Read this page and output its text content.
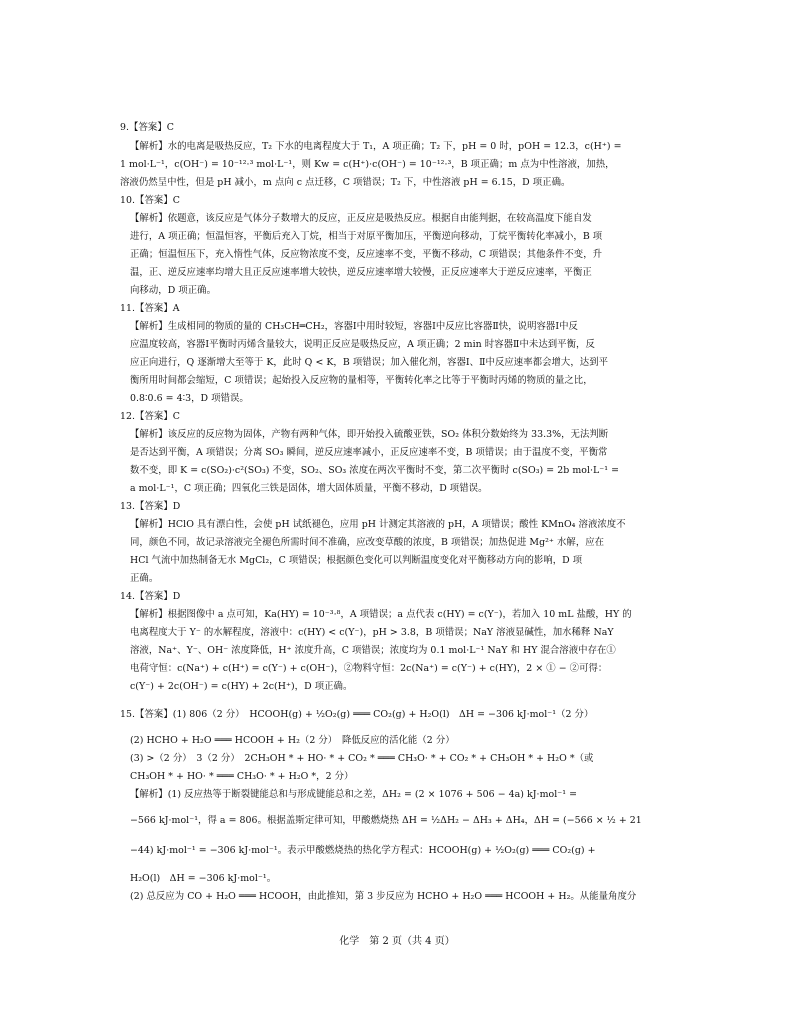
9.【答案】C
【解析】水的电离是吸热反应，T₂ 下水的电离程度大于 T₁，A 项正确；T₂ 下，pH = 0 时，pOH = 12.3，c(H⁺) =
1 mol·L⁻¹，c(OH⁻) = 10⁻¹²·³ mol·L⁻¹，则 Kw = c(H⁺)·c(OH⁻) = 10⁻¹²·³，B 项正确；m 点为中性溶液，加热，
溶液仍然呈中性，但是 pH 减小，m 点向 c 点迁移，C 项错误；T₂ 下，中性溶液 pH = 6.15，D 项正确。
10.【答案】C
【解析】依题意，该反应是气体分子数增大的反应，正反应是吸热反应。根据自由能判据，在较高温度下能自发
进行，A 项正确；恒温恒容，平衡后充入丁烷，相当于对原平衡加压，平衡逆向移动，丁烷平衡转化率减小，B 项
正确；恒温恒压下，充入惰性气体，反应物浓度不变，反应速率不变，平衡不移动，C 项错误；其他条件不变，升
温，正、逆反应速率均增大且正反应速率增大较快，逆反应速率增大较慢，正反应速率大于逆反应速率，平衡正
向移动，D 项正确。
11.【答案】A
【解析】生成相同的物质的量的 CH₃CH═CH₂，容器Ⅰ中用时较短，容器Ⅰ中反应比容器Ⅱ快，说明容器Ⅰ中反
应温度较高，容器Ⅰ平衡时丙烯含量较大，说明正反应是吸热反应，A 项正确；2 min 时容器Ⅱ中未达到平衡，反
应正向进行，Q 逐渐增大至等于 K，此时 Q < K，B 项错误；加入催化剂，容器Ⅰ、Ⅱ中反应速率都会增大，达到平
衡所用时间都会缩短，C 项错误；起始投入反应物的量相等，平衡转化率之比等于平衡时丙烯的物质的量之比，
0.8∶0.6 = 4∶3，D 项错误。
12.【答案】C
【解析】该反应的反应物为固体，产物有两种气体，即开始投入硫酸亚铁，SO₂ 体积分数始终为 33.3%，无法判断
是否达到平衡，A 项错误；分离 SO₃ 瞬间，逆反应速率减小，正反应速率不变，B 项错误；由于温度不变，平衡常
数不变，即 K = c(SO₂)·c²(SO₃) 不变，SO₂、SO₃ 浓度在两次平衡时不变，第二次平衡时 c(SO₃) = 2b mol·L⁻¹ =
a mol·L⁻¹，C 项正确；四氧化三铁是固体，增大固体质量，平衡不移动，D 项错误。
13.【答案】D
【解析】HClO 具有漂白性，会使 pH 试纸褪色，应用 pH 计测定其溶液的 pH，A 项错误；酸性 KMnO₄ 溶液浓度不
同，颜色不同，故记录溶液完全褪色所需时间不准确，应改变草酸的浓度，B 项错误；加热促进 Mg²⁺ 水解，应在
HCl 气流中加热制备无水 MgCl₂，C 项错误；根据颜色变化可以判断温度变化对平衡移动方向的影响，D 项
正确。
14.【答案】D
【解析】根据图像中 a 点可知，Ka(HY) = 10⁻³·⁸，A 项错误；a 点代表 c(HY) = c(Y⁻)，若加入 10 mL 盐酸，HY 的
电离程度大于 Y⁻ 的水解程度，溶液中：c(HY) < c(Y⁻)，pH > 3.8，B 项错误；NaY 溶液显碱性，加水稀释 NaY
溶液，Na⁺、Y⁻、OH⁻ 浓度降低，H⁺ 浓度升高，C 项错误；浓度均为 0.1 mol·L⁻¹ NaY 和 HY 混合溶液中存在①
电荷守恒：c(Na⁺) + c(H⁺) = c(Y⁻) + c(OH⁻)，②物料守恒：2c(Na⁺) = c(Y⁻) + c(HY)，2 × ① − ②可得：
c(Y⁻) + 2c(OH⁻) = c(HY) + 2c(H⁺)，D 项正确。
15.【答案】(1) 806（2 分）　HCOOH(g) + ½O₂(g) ═══ CO₂(g) + H₂O(l)　ΔH = −306 kJ·mol⁻¹（2 分）
(2) HCHO + H₂O ═══ HCOOH + H₂（2 分）　降低反应的活化能（2 分）
(3) >（2 分）　3（2 分）　2CH₃OH * + HO· * + CO₂ * ═══ CH₃O· * + CO₂ * + CH₃OH * + H₂O *（或
CH₃OH * + HO· * ═══ CH₃O· * + H₂O *，2 分）
【解析】(1) 反应热等于断裂键能总和与形成键能总和之差，ΔH₂ = (2 × 1076 + 506 − 4a) kJ·mol⁻¹ =
−566 kJ·mol⁻¹，得 a = 806。根据盖斯定律可知，甲酸燃烧热 ΔH = ½ΔH₂ − ΔH₃ + ΔH₄，ΔH = (−566 × ½ + 21
−44) kJ·mol⁻¹ = −306 kJ·mol⁻¹。表示甲酸燃烧热的热化学方程式：HCOOH(g) + ½O₂(g) ═══ CO₂(g) +
H₂O(l)　ΔH = −306 kJ·mol⁻¹。
(2) 总反应为 CO + H₂O ═══ HCOOH，由此推知，第 3 步反应为 HCHO + H₂O ═══ HCOOH + H₂。从能量角度分
化学　第 2 页（共 4 页）
